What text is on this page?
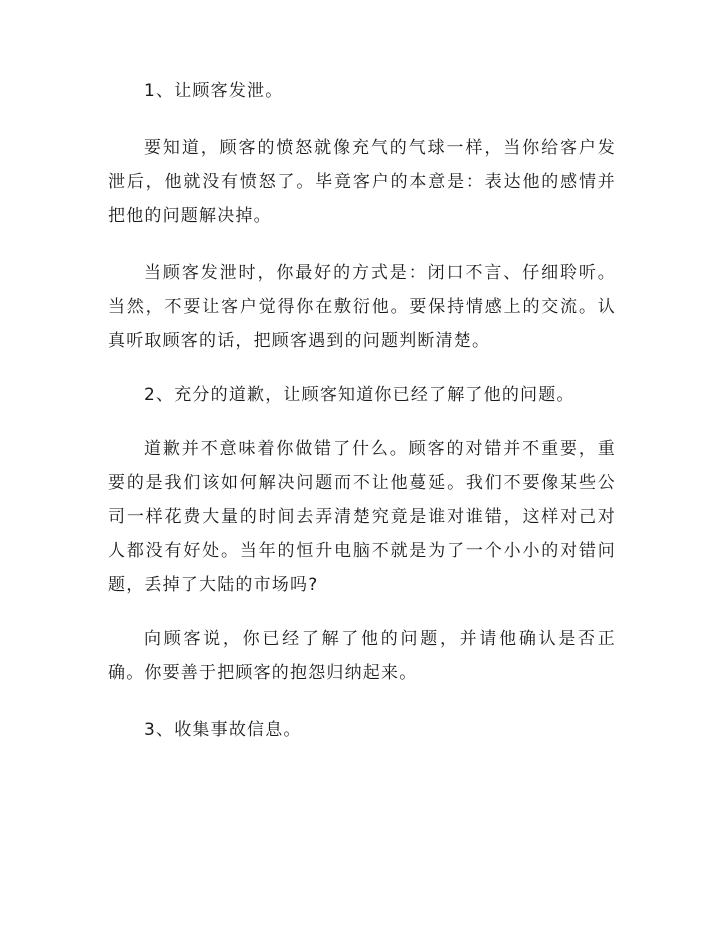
1、让顾客发泄。

要知道，顾客的愤怒就像充气的气球一样，当你给客户发泄后，他就没有愤怒了。毕竟客户的本意是：表达他的感情并把他的问题解决掉。

当顾客发泄时，你最好的方式是：闭口不言、仔细聆听。当然，不要让客户觉得你在敷衍他。要保持情感上的交流。认真听取顾客的话，把顾客遇到的问题判断清楚。

2、充分的道歉，让顾客知道你已经了解了他的问题。

道歉并不意味着你做错了什么。顾客的对错并不重要，重要的是我们该如何解决问题而不让他蔓延。我们不要像某些公司一样花费大量的时间去弄清楚究竟是谁对谁错，这样对己对人都没有好处。当年的恒升电脑不就是为了一个小小的对错问题，丢掉了大陆的市场吗?

向顾客说，你已经了解了他的问题，并请他确认是否正确。你要善于把顾客的抱怨归纳起来。

3、收集事故信息。
